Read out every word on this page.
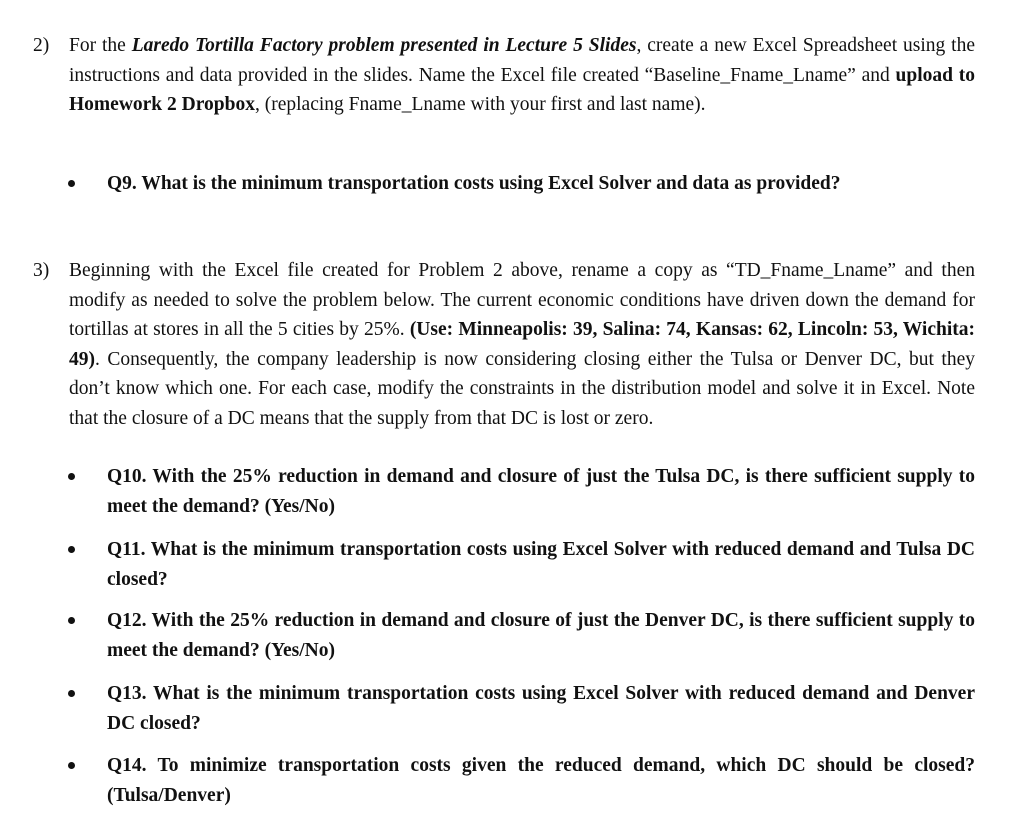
2) For the Laredo Tortilla Factory problem presented in Lecture 5 Slides, create a new Excel Spreadsheet using the instructions and data provided in the slides. Name the Excel file created “Baseline_Fname_Lname” and upload to Homework 2 Dropbox, (replacing Fname_Lname with your first and last name).
Q9. What is the minimum transportation costs using Excel Solver and data as provided?
3) Beginning with the Excel file created for Problem 2 above, rename a copy as “TD_Fname_Lname” and then modify as needed to solve the problem below. The current economic conditions have driven down the demand for tortillas at stores in all the 5 cities by 25%. (Use: Minneapolis: 39, Salina: 74, Kansas: 62, Lincoln: 53, Wichita: 49). Consequently, the company leadership is now considering closing either the Tulsa or Denver DC, but they don’t know which one. For each case, modify the constraints in the distribution model and solve it in Excel. Note that the closure of a DC means that the supply from that DC is lost or zero.
Q10. With the 25% reduction in demand and closure of just the Tulsa DC, is there sufficient supply to meet the demand? (Yes/No)
Q11. What is the minimum transportation costs using Excel Solver with reduced demand and Tulsa DC closed?
Q12. With the 25% reduction in demand and closure of just the Denver DC, is there sufficient supply to meet the demand? (Yes/No)
Q13. What is the minimum transportation costs using Excel Solver with reduced demand and Denver DC closed?
Q14. To minimize transportation costs given the reduced demand, which DC should be closed? (Tulsa/Denver)
